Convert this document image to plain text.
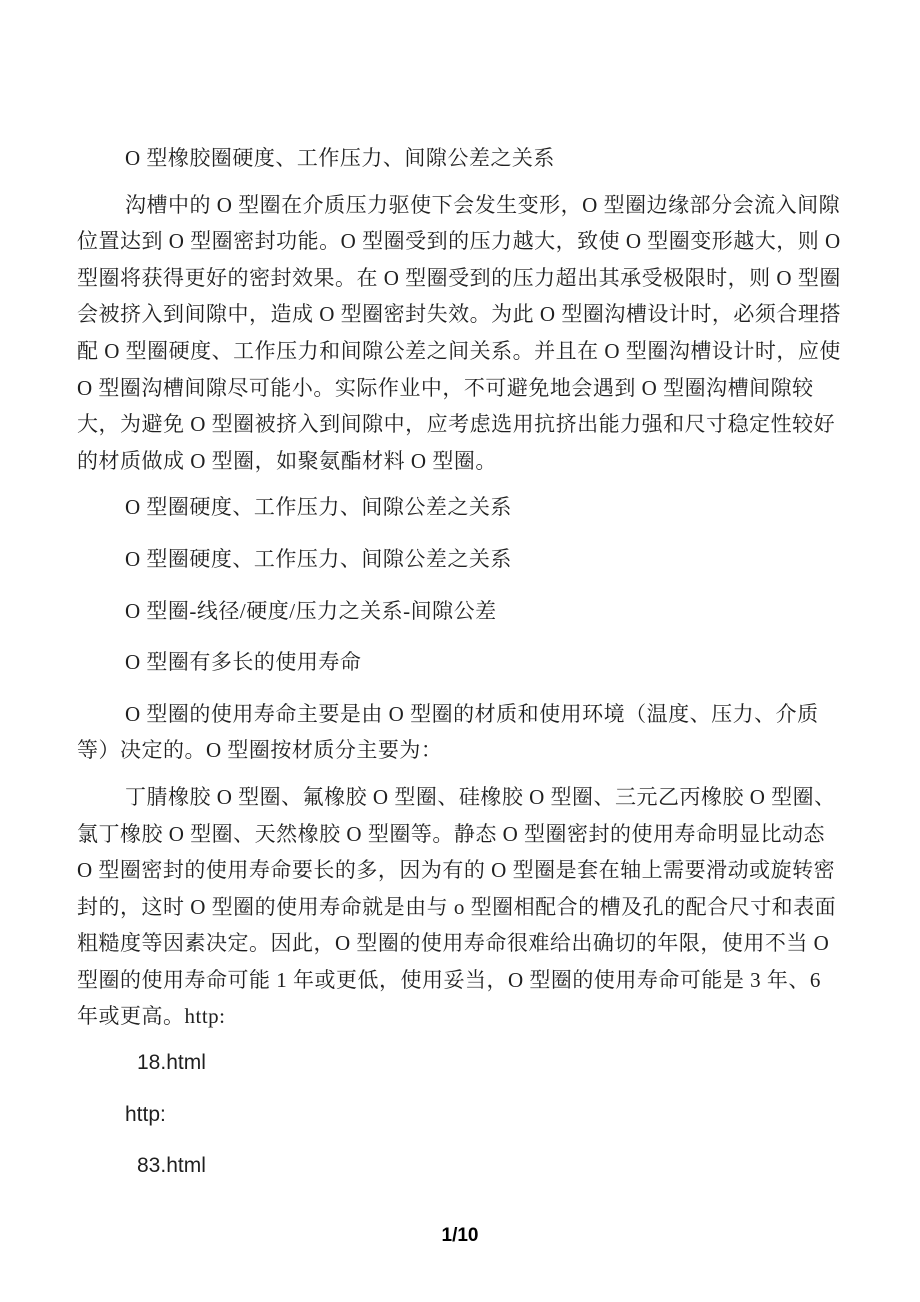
O 型橡胶圈硬度、工作压力、间隙公差之关系

沟槽中的 O 型圈在介质压力驱使下会发生变形，O 型圈边缘部分会流入间隙位置达到 O 型圈密封功能。O 型圈受到的压力越大，致使 O 型圈变形越大，则 O 型圈将获得更好的密封效果。在 O 型圈受到的压力超出其承受极限时，则 O 型圈会被挤入到间隙中，造成 O 型圈密封失效。为此 O 型圈沟槽设计时，必须合理搭配 O 型圈硬度、工作压力和间隙公差之间关系。并且在 O 型圈沟槽设计时，应使 O 型圈沟槽间隙尽可能小。实际作业中，不可避免地会遇到 O 型圈沟槽间隙较大，为避免 O 型圈被挤入到间隙中，应考虑选用抗挤出能力强和尺寸稳定性较好的材质做成 O 型圈，如聚氨酯材料 O 型圈。

O 型圈硬度、工作压力、间隙公差之关系

O 型圈硬度、工作压力、间隙公差之关系

O 型圈-线径/硬度/压力之关系-间隙公差

O 型圈有多长的使用寿命

O 型圈的使用寿命主要是由 O 型圈的材质和使用环境（温度、压力、介质等）决定的。O 型圈按材质分主要为：

丁腈橡胶 O 型圈、氟橡胶 O 型圈、硅橡胶 O 型圈、三元乙丙橡胶 O 型圈、氯丁橡胶 O 型圈、天然橡胶 O 型圈等。静态 O 型圈密封的使用寿命明显比动态 O 型圈密封的使用寿命要长的多，因为有的 O 型圈是套在轴上需要滑动或旋转密封的，这时 O 型圈的使用寿命就是由与 o 型圈相配合的槽及孔的配合尺寸和表面粗糙度等因素决定。因此，O 型圈的使用寿命很难给出确切的年限，使用不当 O 型圈的使用寿命可能 1 年或更低，使用妥当，O 型圈的使用寿命可能是 3 年、6 年或更高。http:

18.html

http:

83.html

1/10
